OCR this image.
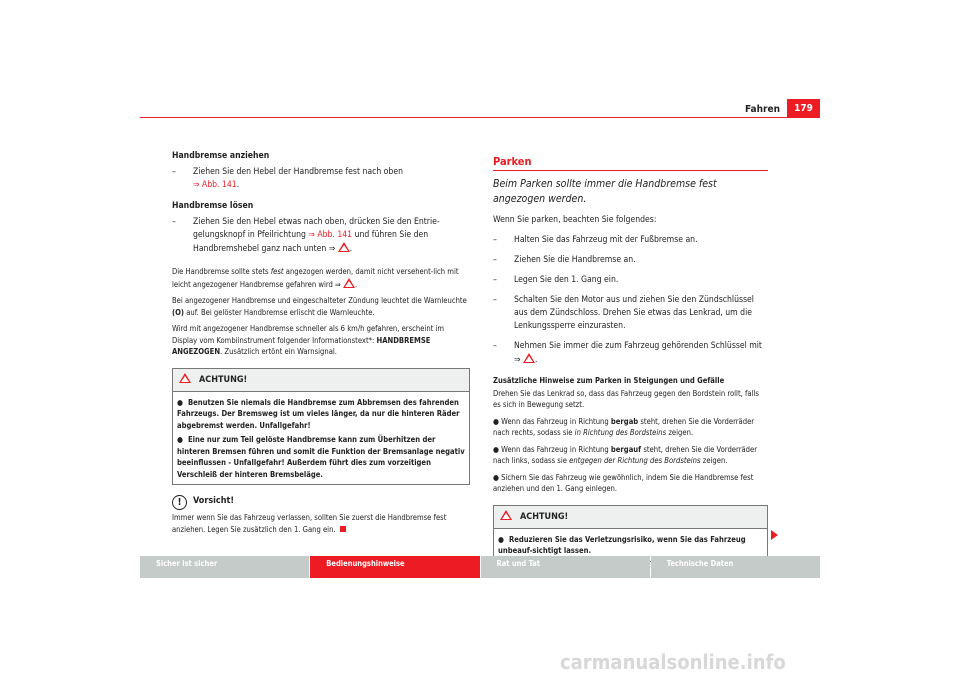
Fahren	179
Handbremse anziehen
– Ziehen Sie den Hebel der Handbremse fest nach oben
⇒ Abb. 141.
Handbremse lösen
– Ziehen Sie den Hebel etwas nach oben, drücken Sie den Entrie-gelungsknopf in Pfeilrichtung ⇒ Abb. 141 und führen Sie den Handbremshebel ganz nach unten ⇒ .
Die Handbremse sollte stets fest angezogen werden, damit nicht versehent-lich mit leicht angezogener Handbremse gefahren wird ⇒ .
Bei angezogener Handbremse und eingeschalteter Zündung leuchtet die Warnleuchte (O) auf. Bei gelöster Handbremse erlischt die Warnleuchte.
Wird mit angezogener Handbremse schneller als 6 km/h gefahren, erscheint im Display vom Kombiinstrument folgender Informationstext*: HANDBREMSE ANGEZOGEN. Zusätzlich ertönt ein Warnsignal.
ACHTUNG!
● Benutzen Sie niemals die Handbremse zum Abbremsen des fahrenden Fahrzeugs. Der Bremsweg ist um vieles länger, da nur die hinteren Räder abgebremst werden. Unfallgefahr!
● Eine nur zum Teil gelöste Handbremse kann zum Überhitzen der hinteren Bremsen führen und somit die Funktion der Bremsanlage negativ beeinflussen - Unfallgefahr! Außerdem führt dies zum vorzeitigen Verschleiß der hinteren Bremsbeläge.
! Vorsicht!
Immer wenn Sie das Fahrzeug verlassen, sollten Sie zuerst die Handbremse fest anziehen. Legen Sie zusätzlich den 1. Gang ein.
Parken
Beim Parken sollte immer die Handbremse fest angezogen werden.
Wenn Sie parken, beachten Sie folgendes:
– Halten Sie das Fahrzeug mit der Fußbremse an.
– Ziehen Sie die Handbremse an.
– Legen Sie den 1. Gang ein.
– Schalten Sie den Motor aus und ziehen Sie den Zündschlüssel aus dem Zündschloss. Drehen Sie etwas das Lenkrad, um die Lenkungssperre einzurasten.
– Nehmen Sie immer die zum Fahrzeug gehörenden Schlüssel mit ⇒ .
Zusätzliche Hinweise zum Parken in Steigungen und Gefälle
Drehen Sie das Lenkrad so, dass das Fahrzeug gegen den Bordstein rollt, falls es sich in Bewegung setzt.
● Wenn das Fahrzeug in Richtung bergab steht, drehen Sie die Vorderräder nach rechts, sodass sie in Richtung des Bordsteins zeigen.
● Wenn das Fahrzeug in Richtung bergauf steht, drehen Sie die Vorderräder nach links, sodass sie entgegen der Richtung des Bordsteins zeigen.
● Sichern Sie das Fahrzeug wie gewöhnlich, indem Sie die Handbremse fest anziehen und den 1. Gang einlegen.
ACHTUNG!
● Reduzieren Sie das Verletzungsrisiko, wenn Sie das Fahrzeug unbeauf-sichtigt lassen.
Sicher ist sicher	Bedienungshinweise	Rat und Tat	Technische Daten
carmanualsonline.info
